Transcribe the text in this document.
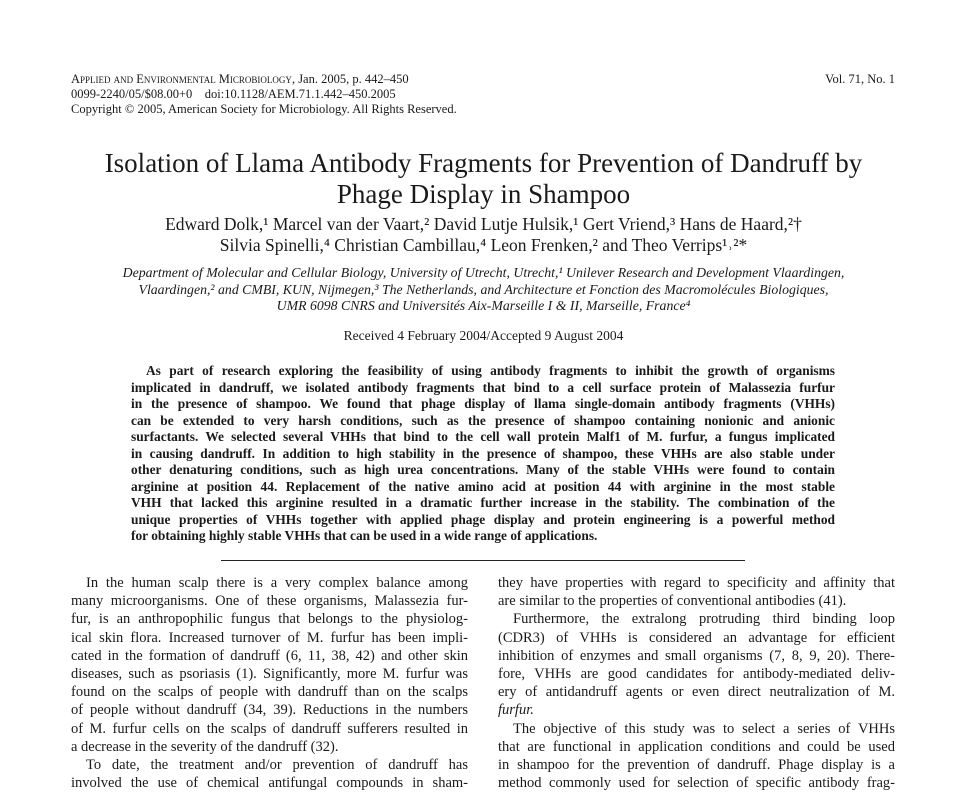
Applied and Environmental Microbiology, Jan. 2005, p. 442–450
0099-2240/05/$08.00+0    doi:10.1128/AEM.71.1.442–450.2005
Copyright © 2005, American Society for Microbiology. All Rights Reserved.
Vol. 71, No. 1
Isolation of Llama Antibody Fragments for Prevention of Dandruff by
Phage Display in Shampoo
Edward Dolk,¹ Marcel van der Vaart,² David Lutje Hulsik,¹ Gert Vriend,³ Hans de Haard,²†
Silvia Spinelli,⁴ Christian Cambillau,⁴ Leon Frenken,² and Theo Verrips¹˒²*
Department of Molecular and Cellular Biology, University of Utrecht, Utrecht,¹ Unilever Research and Development Vlaardingen,
Vlaardingen,² and CMBI, KUN, Nijmegen,³ The Netherlands, and Architecture et Fonction des Macromolécules Biologiques,
UMR 6098 CNRS and Universités Aix-Marseille I & II, Marseille, France⁴
Received 4 February 2004/Accepted 9 August 2004
As part of research exploring the feasibility of using antibody fragments to inhibit the growth of organisms
implicated in dandruff, we isolated antibody fragments that bind to a cell surface protein of Malassezia furfur
in the presence of shampoo. We found that phage display of llama single-domain antibody fragments (VHHs)
can be extended to very harsh conditions, such as the presence of shampoo containing nonionic and anionic
surfactants. We selected several VHHs that bind to the cell wall protein Malf1 of M. furfur, a fungus implicated
in causing dandruff. In addition to high stability in the presence of shampoo, these VHHs are also stable under
other denaturing conditions, such as high urea concentrations. Many of the stable VHHs were found to contain
arginine at position 44. Replacement of the native amino acid at position 44 with arginine in the most stable
VHH that lacked this arginine resulted in a dramatic further increase in the stability. The combination of the
unique properties of VHHs together with applied phage display and protein engineering is a powerful method
for obtaining highly stable VHHs that can be used in a wide range of applications.
In the human scalp there is a very complex balance among
many microorganisms. One of these organisms, Malassezia fur-
fur, is an anthropophilic fungus that belongs to the physiolog-
ical skin flora. Increased turnover of M. furfur has been impli-
cated in the formation of dandruff (6, 11, 38, 42) and other skin
diseases, such as psoriasis (1). Significantly, more M. furfur was
found on the scalps of people with dandruff than on the scalps
of people without dandruff (34, 39). Reductions in the numbers
of M. furfur cells on the scalps of dandruff sufferers resulted in
a decrease in the severity of the dandruff (32).
To date, the treatment and/or prevention of dandruff has
involved the use of chemical antifungal compounds in sham-
they have properties with regard to specificity and affinity that
are similar to the properties of conventional antibodies (41).
Furthermore, the extralong protruding third binding loop
(CDR3) of VHHs is considered an advantage for efficient
inhibition of enzymes and small organisms (7, 8, 9, 20). There-
fore, VHHs are good candidates for antibody-mediated deliv-
ery of antidandruff agents or even direct neutralization of M.
furfur.
The objective of this study was to select a series of VHHs
that are functional in application conditions and could be used
in shampoo for the prevention of dandruff. Phage display is a
method commonly used for selection of specific antibody frag-
